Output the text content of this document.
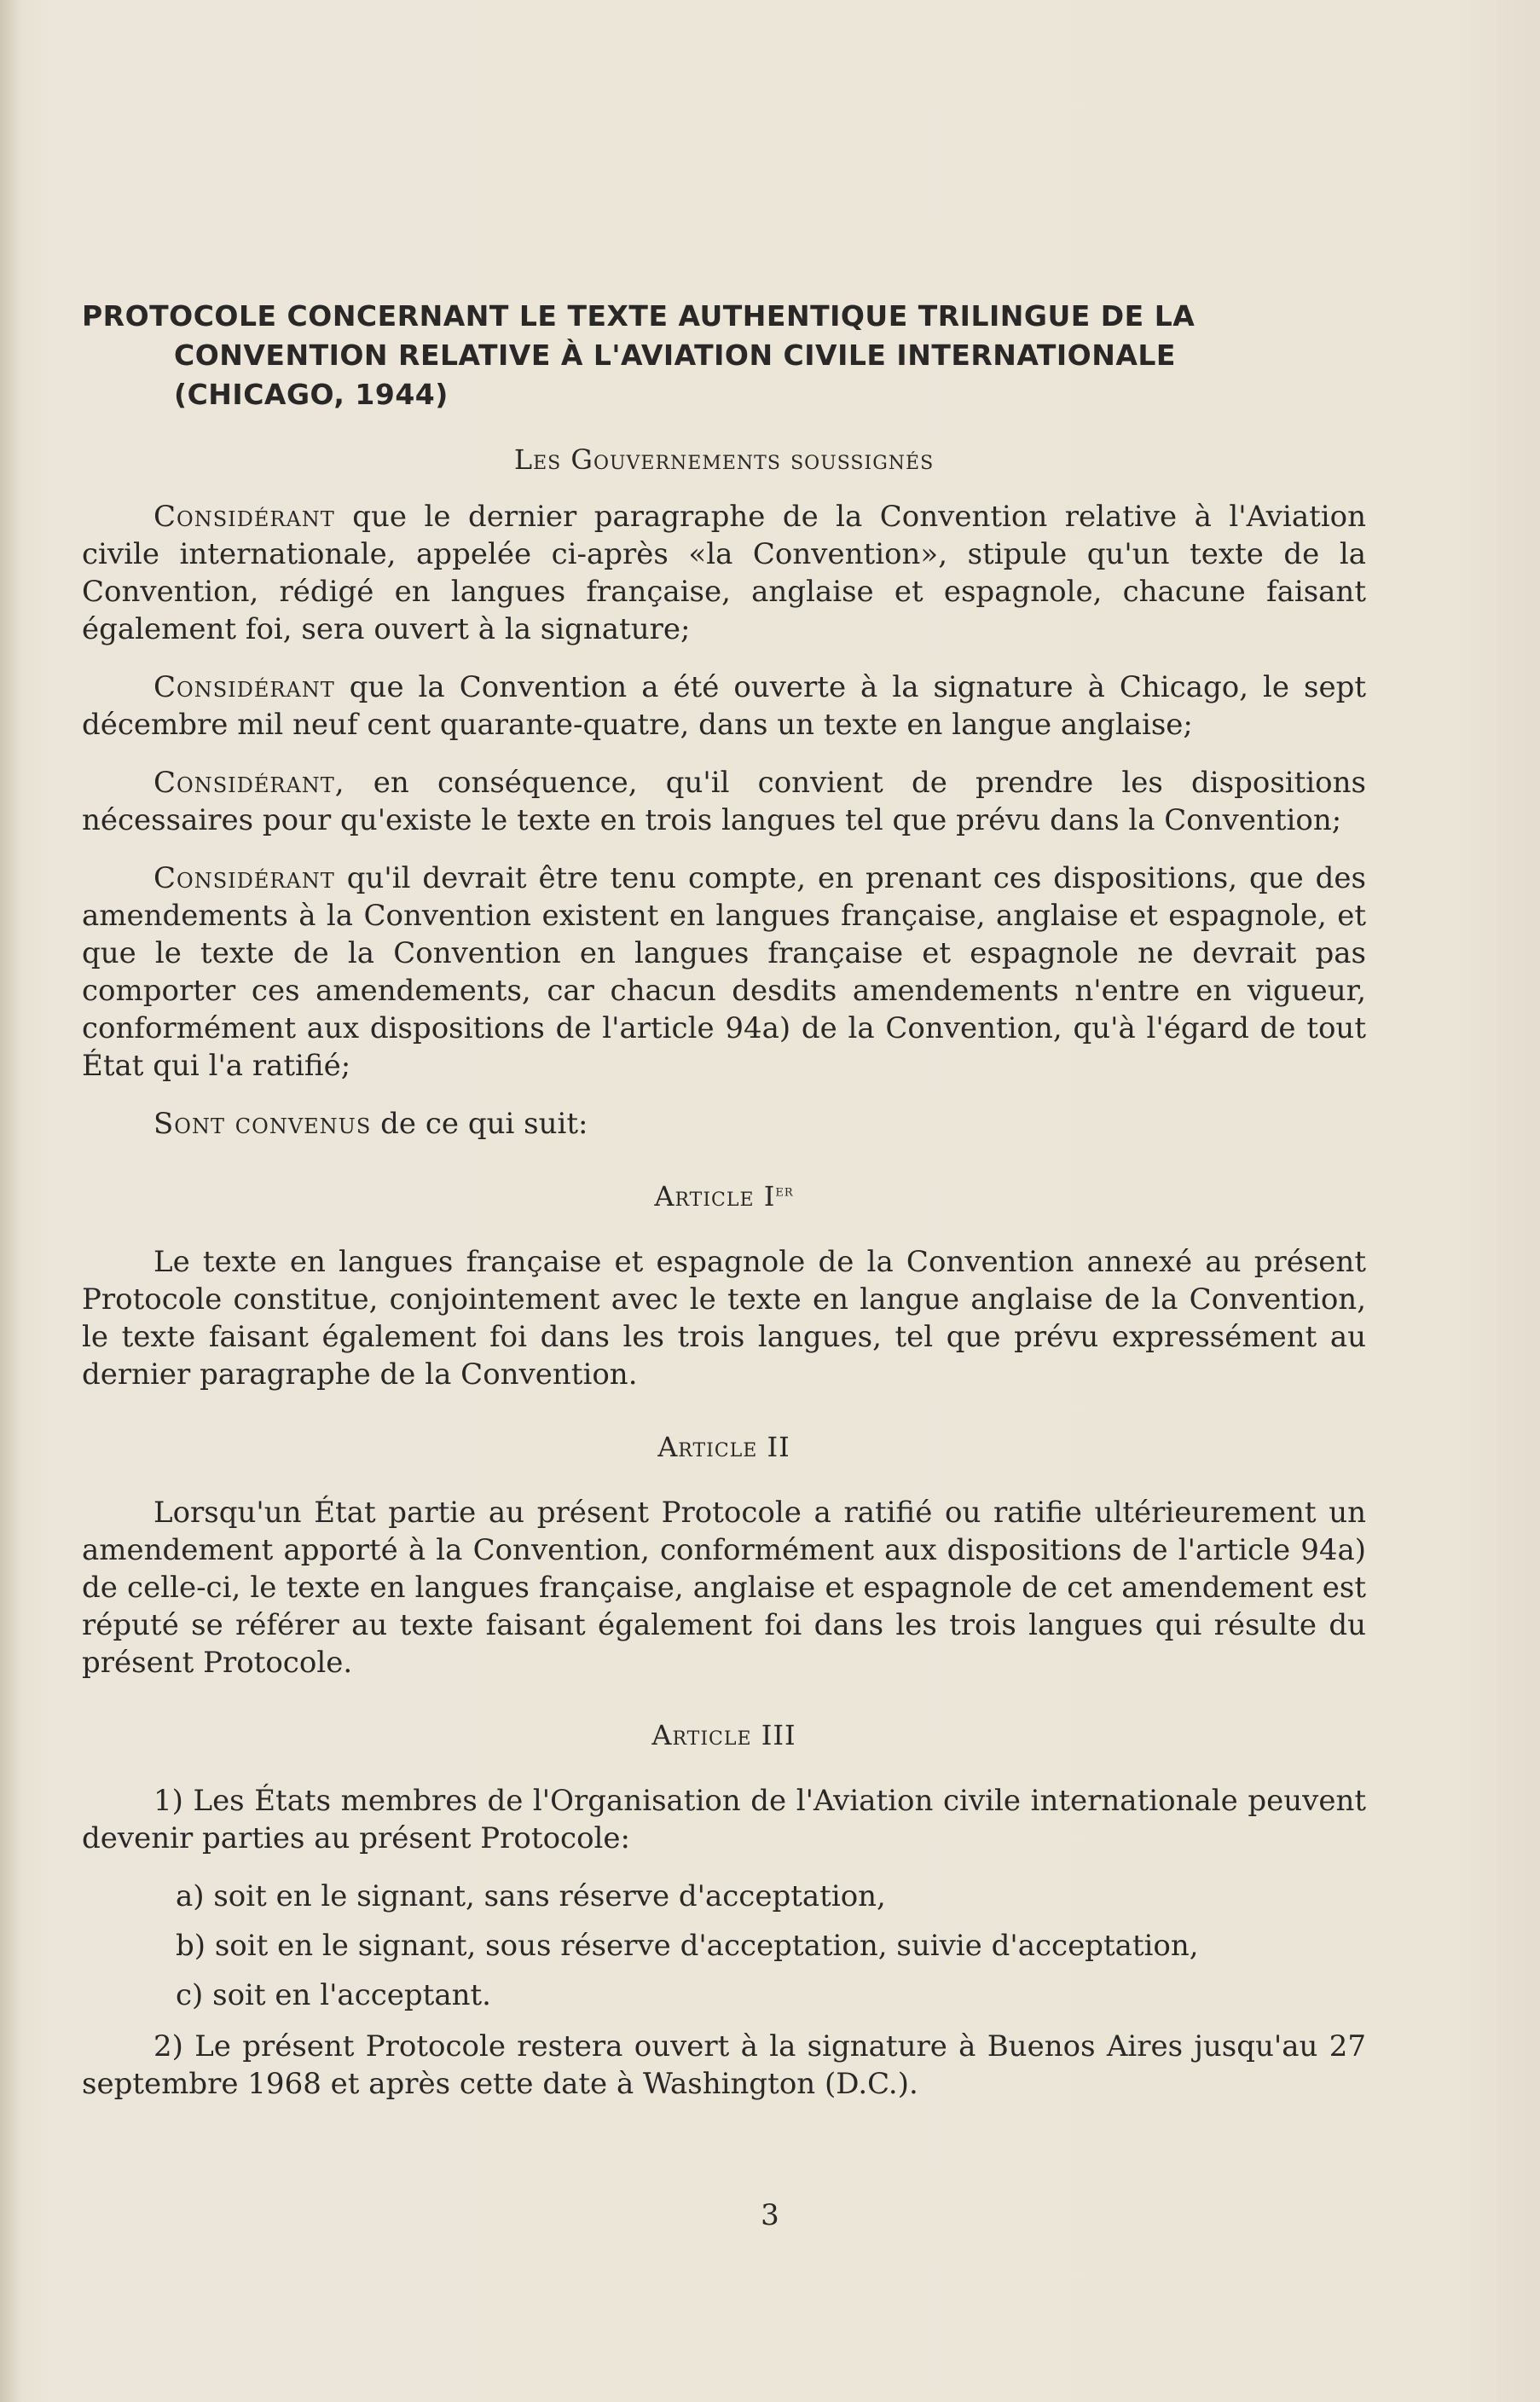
PROTOCOLE CONCERNANT LE TEXTE AUTHENTIQUE TRILINGUE DE LA
CONVENTION RELATIVE À L'AVIATION CIVILE INTERNATIONALE
(CHICAGO, 1944)
Les Gouvernements soussignés

Considérant que le dernier paragraphe de la Convention relative à l'Aviation civile internationale, appelée ci-après «la Convention», stipule qu'un texte de la Convention, rédigé en langues française, anglaise et espagnole, chacune faisant également foi, sera ouvert à la signature;

Considérant que la Convention a été ouverte à la signature à Chicago, le sept décembre mil neuf cent quarante-quatre, dans un texte en langue anglaise;

Considérant, en conséquence, qu'il convient de prendre les dispositions nécessaires pour qu'existe le texte en trois langues tel que prévu dans la Convention;

Considérant qu'il devrait être tenu compte, en prenant ces dispositions, que des amendements à la Convention existent en langues française, anglaise et espagnole, et que le texte de la Convention en langues française et espagnole ne devrait pas comporter ces amendements, car chacun desdits amendements n'entre en vigueur, conformément aux dispositions de l'article 94a) de la Convention, qu'à l'égard de tout État qui l'a ratifié;

Sont convenus de ce qui suit:

Article Ier

Le texte en langues française et espagnole de la Convention annexé au présent Protocole constitue, conjointement avec le texte en langue anglaise de la Convention, le texte faisant également foi dans les trois langues, tel que prévu expressément au dernier paragraphe de la Convention.

Article II

Lorsqu'un État partie au présent Protocole a ratifié ou ratifie ultérieurement un amendement apporté à la Convention, conformément aux dispositions de l'article 94a) de celle-ci, le texte en langues française, anglaise et espagnole de cet amendement est réputé se référer au texte faisant également foi dans les trois langues qui résulte du présent Protocole.

Article III

1) Les États membres de l'Organisation de l'Aviation civile internationale peuvent devenir parties au présent Protocole:

a) soit en le signant, sans réserve d'acceptation,
b) soit en le signant, sous réserve d'acceptation, suivie d'acceptation,
c) soit en l'acceptant.

2) Le présent Protocole restera ouvert à la signature à Buenos Aires jusqu'au 27 septembre 1968 et après cette date à Washington (D.C.).

3
